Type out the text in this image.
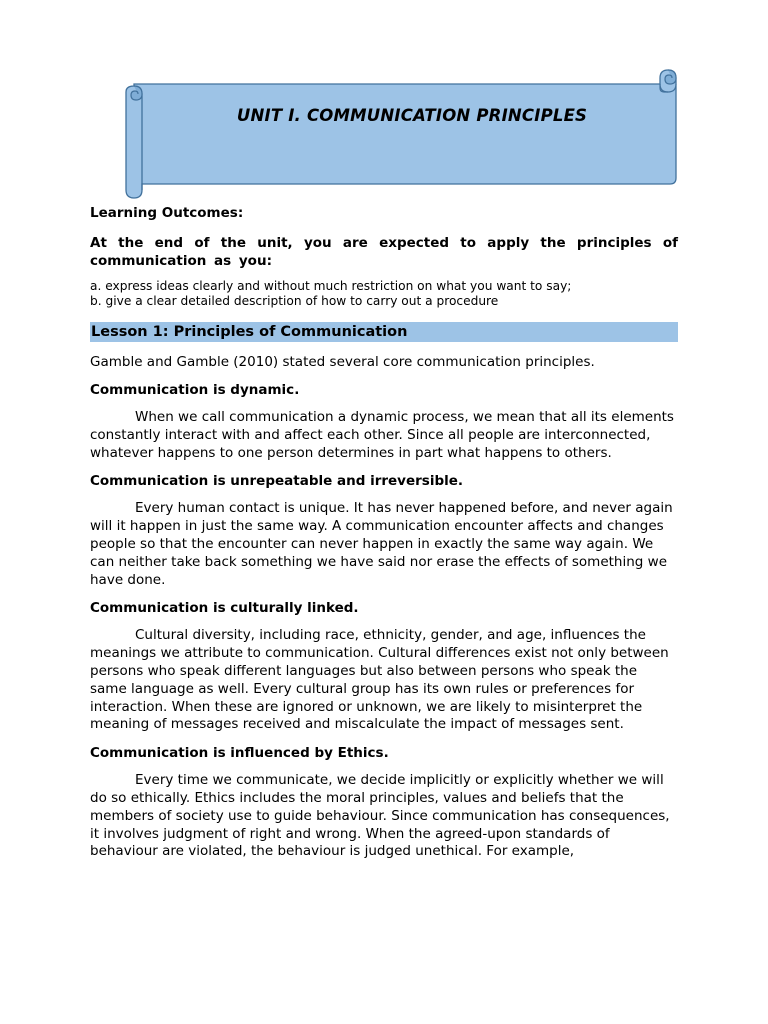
UNIT I. COMMUNICATION PRINCIPLES

Learning Outcomes:

At the end of the unit, you are expected to apply the principles of communication as you:

a. express ideas clearly and without much restriction on what you want to say;
b. give a clear detailed description of how to carry out a procedure
Lesson 1: Principles of Communication

Gamble and Gamble (2010) stated several core communication principles.

Communication is dynamic.

When we call communication a dynamic process, we mean that all its elements constantly interact with and affect each other. Since all people are interconnected, whatever happens to one person determines in part what happens to others.

Communication is unrepeatable and irreversible.

Every human contact is unique. It has never happened before, and never again will it happen in just the same way. A communication encounter affects and changes people so that the encounter can never happen in exactly the same way again. We can neither take back something we have said nor erase the effects of something we have done.

Communication is culturally linked.

Cultural diversity, including race, ethnicity, gender, and age, influences the meanings we attribute to communication. Cultural differences exist not only between persons who speak different languages but also between persons who speak the same language as well. Every cultural group has its own rules or preferences for interaction. When these are ignored or unknown, we are likely to misinterpret the meaning of messages received and miscalculate the impact of messages sent.

Communication is influenced by Ethics.

Every time we communicate, we decide implicitly or explicitly whether we will do so ethically. Ethics includes the moral principles, values and beliefs that the members of society use to guide behaviour. Since communication has consequences, it involves judgment of right and wrong. When the agreed-upon standards of behaviour are violated, the behaviour is judged unethical. For example,
